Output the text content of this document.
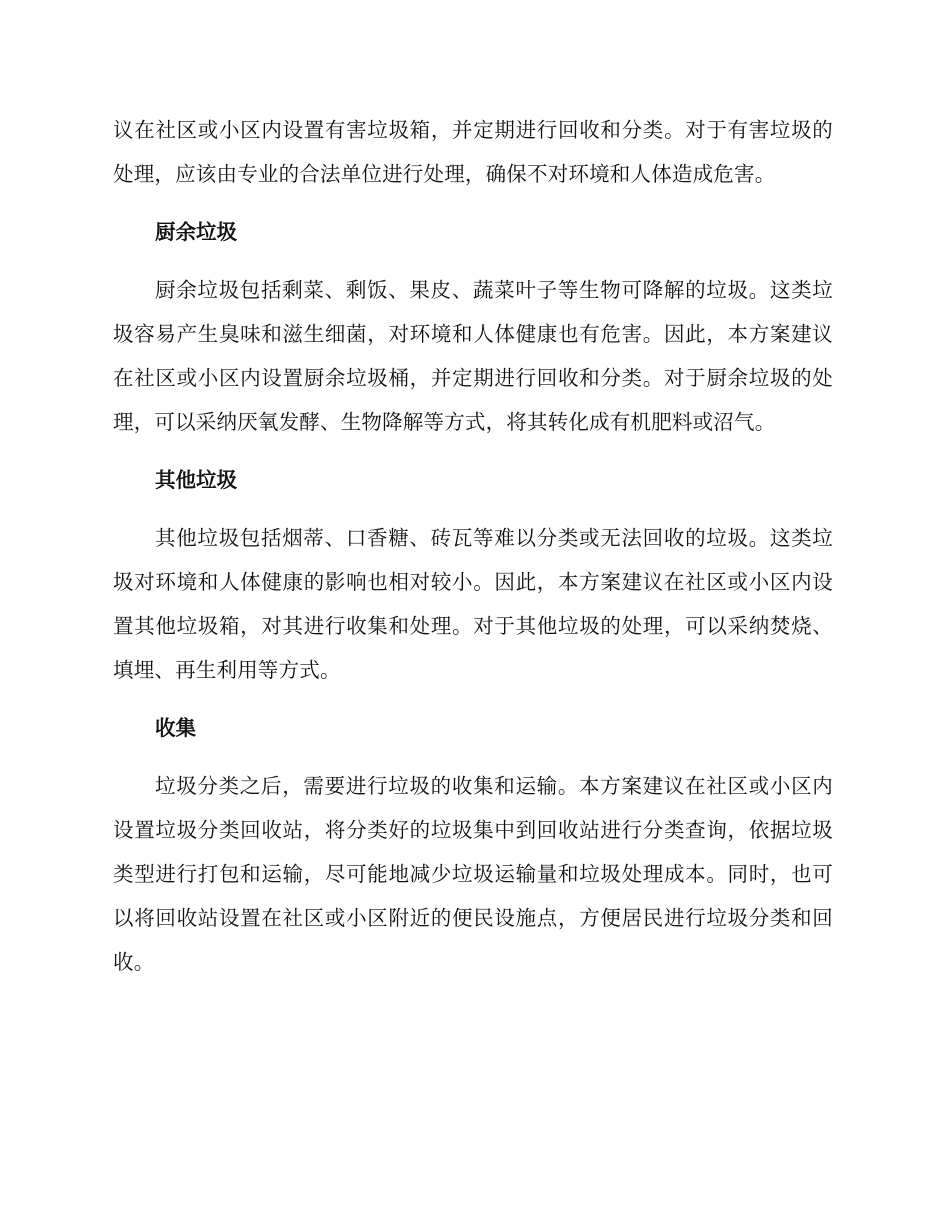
议在社区或小区内设置有害垃圾箱，并定期进行回收和分类。对于有害垃圾的处理，应该由专业的合法单位进行处理，确保不对环境和人体造成危害。

厨余垃圾

厨余垃圾包括剩菜、剩饭、果皮、蔬菜叶子等生物可降解的垃圾。这类垃圾容易产生臭味和滋生细菌，对环境和人体健康也有危害。因此，本方案建议在社区或小区内设置厨余垃圾桶，并定期进行回收和分类。对于厨余垃圾的处理，可以采纳厌氧发酵、生物降解等方式，将其转化成有机肥料或沼气。

其他垃圾

其他垃圾包括烟蒂、口香糖、砖瓦等难以分类或无法回收的垃圾。这类垃圾对环境和人体健康的影响也相对较小。因此，本方案建议在社区或小区内设置其他垃圾箱，对其进行收集和处理。对于其他垃圾的处理，可以采纳焚烧、填埋、再生利用等方式。

收集

垃圾分类之后，需要进行垃圾的收集和运输。本方案建议在社区或小区内设置垃圾分类回收站，将分类好的垃圾集中到回收站进行分类查询，依据垃圾类型进行打包和运输，尽可能地减少垃圾运输量和垃圾处理成本。同时，也可以将回收站设置在社区或小区附近的便民设施点，方便居民进行垃圾分类和回收。
